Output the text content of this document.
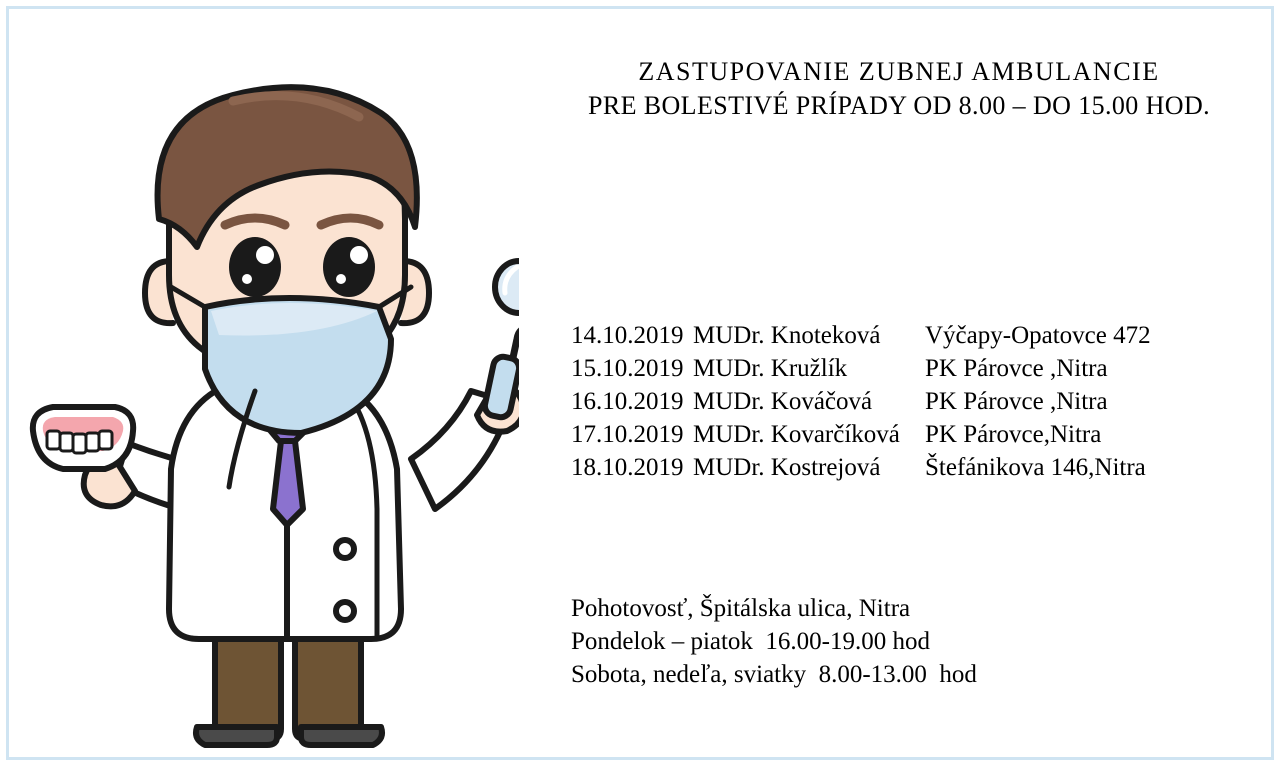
ZASTUPOVANIE ZUBNEJ AMBULANCIE
PRE BOLESTIVÉ PRÍPADY OD 8.00 – DO 15.00 HOD.
14.10.2019 MUDr. Knoteková	Výčapy-Opatovce 472
15.10.2019 MUDr. Kružlík	PK Párovce ,Nitra
16.10.2019 MUDr. Kováčová	PK Párovce ,Nitra
17.10.2019 MUDr. Kovarčíková	PK Párovce,Nitra
18.10.2019 MUDr. Kostrejová	Štefánikova 146,Nitra
Pohotovosť, Špitálska ulica, Nitra
Pondelok – piatok  16.00-19.00 hod
Sobota, nedeľa, sviatky  8.00-13.00  hod
